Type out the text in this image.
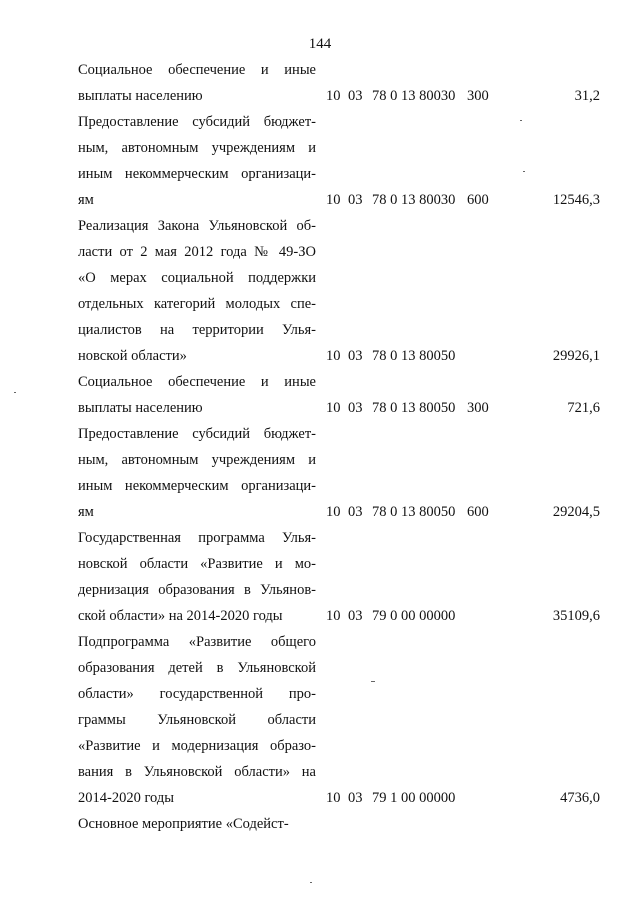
144
Социальное обеспечение и иные
выплаты населению	10 03 78 0 13 80030 300	31,2
Предоставление субсидий бюджет-
ным, автономным учреждениям и
иным некоммерческим организаци-
ям	10 03 78 0 13 80030 600	12546,3
Реализация Закона Ульяновской об-
ласти от 2 мая 2012 года № 49-ЗО
«О мерах социальной поддержки
отдельных категорий молодых спе-
циалистов на территории Улья-
новской области»	10 03 78 0 13 80050	29926,1
Социальное обеспечение и иные
выплаты населению	10 03 78 0 13 80050 300	721,6
Предоставление субсидий бюджет-
ным, автономным учреждениям и
иным некоммерческим организаци-
ям	10 03 78 0 13 80050 600	29204,5
Государственная программа Улья-
новской области «Развитие и мо-
дернизация образования в Ульянов-
ской области» на 2014-2020 годы	10 03 79 0 00 00000	35109,6
Подпрограмма «Развитие общего
образования детей в Ульяновской
области» государственной про-
граммы Ульяновской области
«Развитие и модернизация образо-
вания в Ульяновской области» на
2014-2020 годы	10 03 79 1 00 00000	4736,0
Основное мероприятие «Содейст-
